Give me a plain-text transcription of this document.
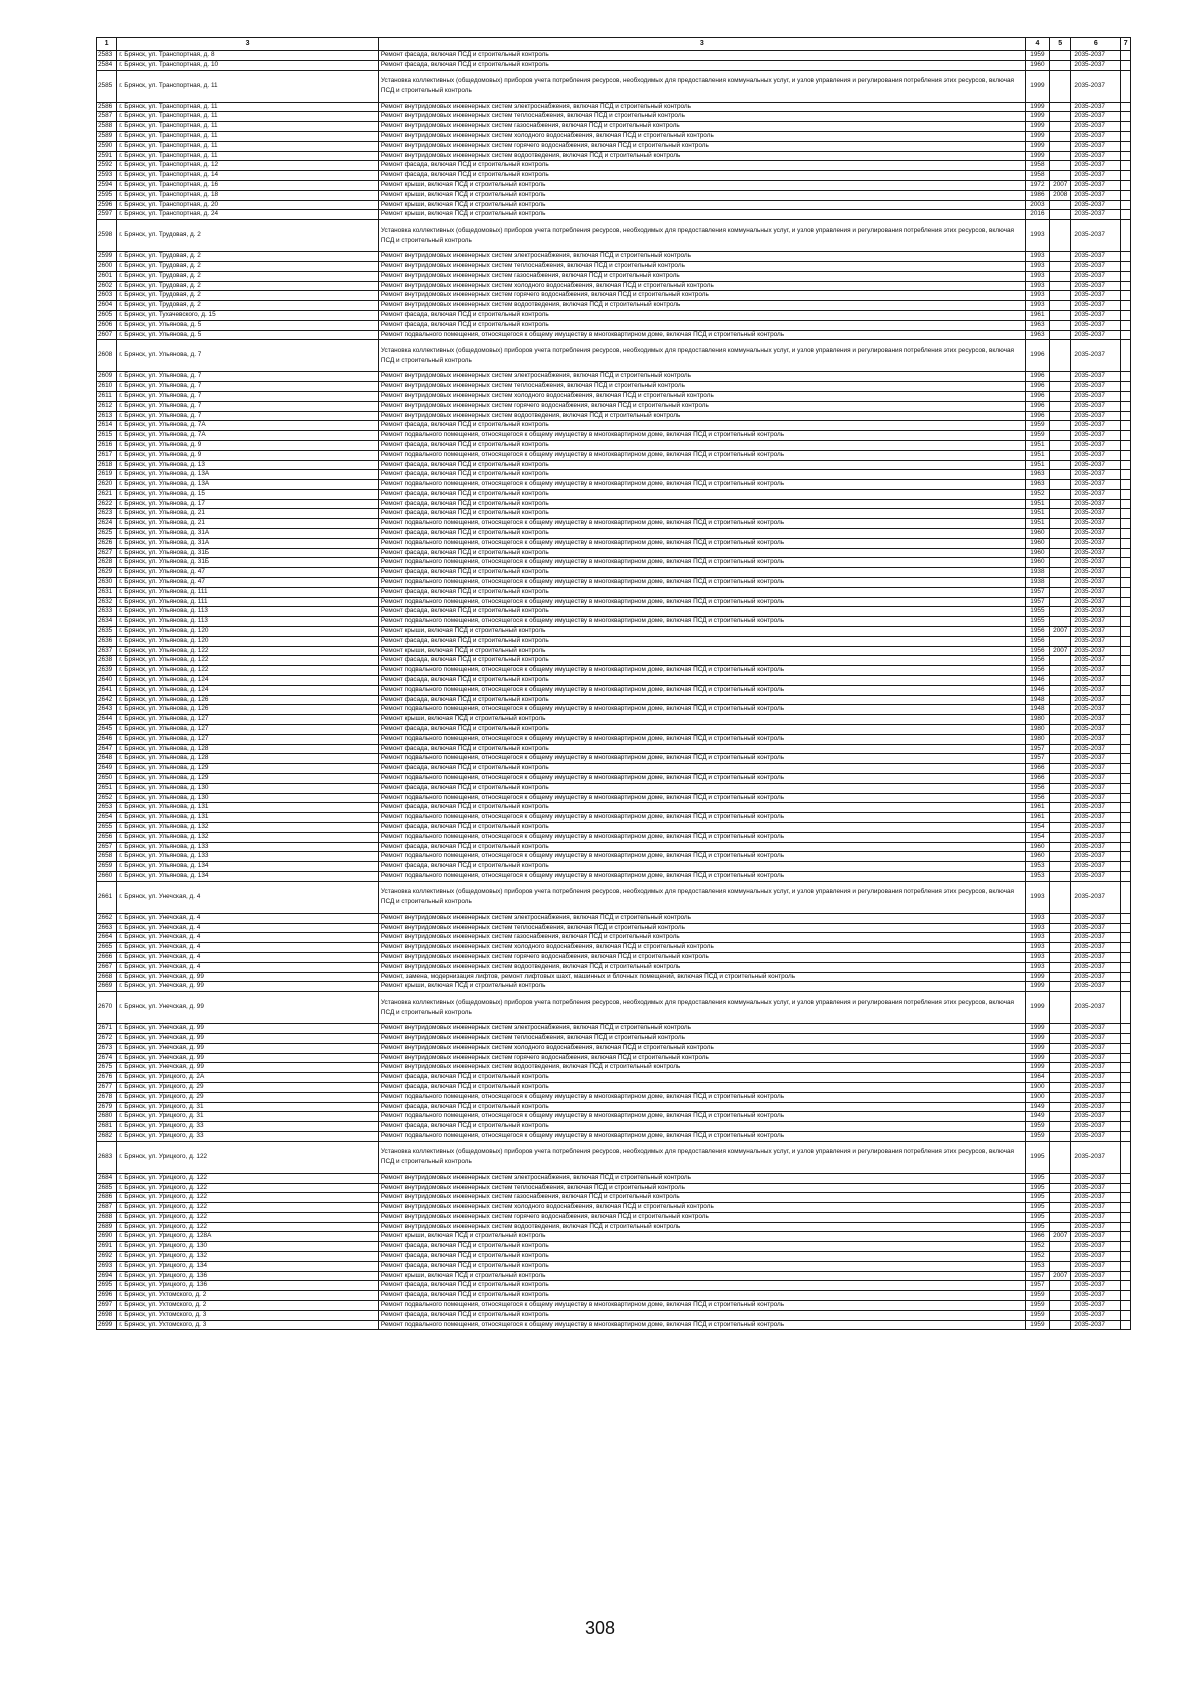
1	3	3	4	5	6	7
2583	г. Брянск, ул. Транспортная, д. 8	Ремонт фасада, включая ПСД и строительный контроль	1959		2035-2037	
2584	г. Брянск, ул. Транспортная, д. 10	Ремонт фасада, включая ПСД и строительный контроль	1960		2035-2037	
2585	г. Брянск, ул. Транспортная, д. 11	Установка коллективных (общедомовых) приборов учета потребления ресурсов, необходимых для предоставления коммунальных услуг, и узлов управления и регулирования потребления этих ресурсов, включая ПСД и строительный контроль	1999		2035-2037	
2586	г. Брянск, ул. Транспортная, д. 11	Ремонт внутридомовых инженерных систем электроснабжения, включая ПСД и строительный контроль	1999		2035-2037	
2587	г. Брянск, ул. Транспортная, д. 11	Ремонт внутридомовых инженерных систем теплоснабжения, включая ПСД и строительный контроль	1999		2035-2037	
2588	г. Брянск, ул. Транспортная, д. 11	Ремонт внутридомовых инженерных систем газоснабжения, включая ПСД и строительный контроль	1999		2035-2037	
2589	г. Брянск, ул. Транспортная, д. 11	Ремонт внутридомовых инженерных систем холодного водоснабжения, включая ПСД и строительный контроль	1999		2035-2037	
2590	г. Брянск, ул. Транспортная, д. 11	Ремонт внутридомовых инженерных систем горячего водоснабжения, включая ПСД и строительный контроль	1999		2035-2037	
2591	г. Брянск, ул. Транспортная, д. 11	Ремонт внутридомовых инженерных систем водоотведения, включая ПСД и строительный контроль	1999		2035-2037	
2592	г. Брянск, ул. Транспортная, д. 12	Ремонт фасада, включая ПСД и строительный контроль	1958		2035-2037	
2593	г. Брянск, ул. Транспортная, д. 14	Ремонт фасада, включая ПСД и строительный контроль	1958		2035-2037	
2594	г. Брянск, ул. Транспортная, д. 16	Ремонт крыши, включая ПСД и строительный контроль	1972	2007	2035-2037	
2595	г. Брянск, ул. Транспортная, д. 18	Ремонт крыши, включая ПСД и строительный контроль	1986	2008	2035-2037	
2596	г. Брянск, ул. Транспортная, д. 20	Ремонт крыши, включая ПСД и строительный контроль	2003		2035-2037	
2597	г. Брянск, ул. Транспортная, д. 24	Ремонт крыши, включая ПСД и строительный контроль	2016		2035-2037	
2598	г. Брянск, ул. Трудовая, д. 2	Установка коллективных (общедомовых) приборов учета потребления ресурсов, необходимых для предоставления коммунальных услуг, и узлов управления и регулирования потребления этих ресурсов, включая ПСД и строительный контроль	1993		2035-2037	
2599	г. Брянск, ул. Трудовая, д. 2	Ремонт внутридомовых инженерных систем электроснабжения, включая ПСД и строительный контроль	1993		2035-2037	
2600	г. Брянск, ул. Трудовая, д. 2	Ремонт внутридомовых инженерных систем теплоснабжения, включая ПСД и строительный контроль	1993		2035-2037	
2601	г. Брянск, ул. Трудовая, д. 2	Ремонт внутридомовых инженерных систем газоснабжения, включая ПСД и строительный контроль	1993		2035-2037	
2602	г. Брянск, ул. Трудовая, д. 2	Ремонт внутридомовых инженерных систем холодного водоснабжения, включая ПСД и строительный контроль	1993		2035-2037	
2603	г. Брянск, ул. Трудовая, д. 2	Ремонт внутридомовых инженерных систем горячего водоснабжения, включая ПСД и строительный контроль	1993		2035-2037	
2604	г. Брянск, ул. Трудовая, д. 2	Ремонт внутридомовых инженерных систем водоотведения, включая ПСД и строительный контроль	1993		2035-2037	
2605	г. Брянск, ул. Тухачевского, д. 15	Ремонт фасада, включая ПСД и строительный контроль	1961		2035-2037	
2606	г. Брянск, ул. Ульянова, д. 5	Ремонт фасада, включая ПСД и строительный контроль	1963		2035-2037	
2607	г. Брянск, ул. Ульянова, д. 5	Ремонт подвального помещения, относящегося к общему имуществу в многоквартирном доме, включая ПСД и строительный контроль	1963		2035-2037	
2608	г. Брянск, ул. Ульянова, д. 7	Установка коллективных (общедомовых) приборов учета потребления ресурсов, необходимых для предоставления коммунальных услуг, и узлов управления и регулирования потребления этих ресурсов, включая ПСД и строительный контроль	1996		2035-2037	
2609	г. Брянск, ул. Ульянова, д. 7	Ремонт внутридомовых инженерных систем электроснабжения, включая ПСД и строительный контроль	1996		2035-2037	
2610	г. Брянск, ул. Ульянова, д. 7	Ремонт внутридомовых инженерных систем теплоснабжения, включая ПСД и строительный контроль	1996		2035-2037	
2611	г. Брянск, ул. Ульянова, д. 7	Ремонт внутридомовых инженерных систем холодного водоснабжения, включая ПСД и строительный контроль	1996		2035-2037	
2612	г. Брянск, ул. Ульянова, д. 7	Ремонт внутридомовых инженерных систем горячего водоснабжения, включая ПСД и строительный контроль	1996		2035-2037	
2613	г. Брянск, ул. Ульянова, д. 7	Ремонт внутридомовых инженерных систем водоотведения, включая ПСД и строительный контроль	1996		2035-2037	
2614	г. Брянск, ул. Ульянова, д. 7А	Ремонт фасада, включая ПСД и строительный контроль	1959		2035-2037	
2615	г. Брянск, ул. Ульянова, д. 7А	Ремонт подвального помещения, относящегося к общему имуществу в многоквартирном доме, включая ПСД и строительный контроль	1959		2035-2037	
2616	г. Брянск, ул. Ульянова, д. 9	Ремонт фасада, включая ПСД и строительный контроль	1951		2035-2037	
2617	г. Брянск, ул. Ульянова, д. 9	Ремонт подвального помещения, относящегося к общему имуществу в многоквартирном доме, включая ПСД и строительный контроль	1951		2035-2037	
2618	г. Брянск, ул. Ульянова, д. 13	Ремонт фасада, включая ПСД и строительный контроль	1951		2035-2037	
2619	г. Брянск, ул. Ульянова, д. 13А	Ремонт фасада, включая ПСД и строительный контроль	1963		2035-2037	
2620	г. Брянск, ул. Ульянова, д. 13А	Ремонт подвального помещения, относящегося к общему имуществу в многоквартирном доме, включая ПСД и строительный контроль	1963		2035-2037	
2621	г. Брянск, ул. Ульянова, д. 15	Ремонт фасада, включая ПСД и строительный контроль	1952		2035-2037	
2622	г. Брянск, ул. Ульянова, д. 17	Ремонт фасада, включая ПСД и строительный контроль	1951		2035-2037	
2623	г. Брянск, ул. Ульянова, д. 21	Ремонт фасада, включая ПСД и строительный контроль	1951		2035-2037	
2624	г. Брянск, ул. Ульянова, д. 21	Ремонт подвального помещения, относящегося к общему имуществу в многоквартирном доме, включая ПСД и строительный контроль	1951		2035-2037	
2625	г. Брянск, ул. Ульянова, д. 31А	Ремонт фасада, включая ПСД и строительный контроль	1960		2035-2037	
2626	г. Брянск, ул. Ульянова, д. 31А	Ремонт подвального помещения, относящегося к общему имуществу в многоквартирном доме, включая ПСД и строительный контроль	1960		2035-2037	
2627	г. Брянск, ул. Ульянова, д. 31Б	Ремонт фасада, включая ПСД и строительный контроль	1960		2035-2037	
2628	г. Брянск, ул. Ульянова, д. 31Б	Ремонт подвального помещения, относящегося к общему имуществу в многоквартирном доме, включая ПСД и строительный контроль	1960		2035-2037	
2629	г. Брянск, ул. Ульянова, д. 47	Ремонт фасада, включая ПСД и строительный контроль	1938		2035-2037	
2630	г. Брянск, ул. Ульянова, д. 47	Ремонт подвального помещения, относящегося к общему имуществу в многоквартирном доме, включая ПСД и строительный контроль	1938		2035-2037	
2631	г. Брянск, ул. Ульянова, д. 111	Ремонт фасада, включая ПСД и строительный контроль	1957		2035-2037	
2632	г. Брянск, ул. Ульянова, д. 111	Ремонт подвального помещения, относящегося к общему имуществу в многоквартирном доме, включая ПСД и строительный контроль	1957		2035-2037	
2633	г. Брянск, ул. Ульянова, д. 113	Ремонт фасада, включая ПСД и строительный контроль	1955		2035-2037	
2634	г. Брянск, ул. Ульянова, д. 113	Ремонт подвального помещения, относящегося к общему имуществу в многоквартирном доме, включая ПСД и строительный контроль	1955		2035-2037	
2635	г. Брянск, ул. Ульянова, д. 120	Ремонт крыши, включая ПСД и строительный контроль	1956	2007	2035-2037	
2636	г. Брянск, ул. Ульянова, д. 120	Ремонт фасада, включая ПСД и строительный контроль	1956		2035-2037	
2637	г. Брянск, ул. Ульянова, д. 122	Ремонт крыши, включая ПСД и строительный контроль	1956	2007	2035-2037	
2638	г. Брянск, ул. Ульянова, д. 122	Ремонт фасада, включая ПСД и строительный контроль	1956		2035-2037	
2639	г. Брянск, ул. Ульянова, д. 122	Ремонт подвального помещения, относящегося к общему имуществу в многоквартирном доме, включая ПСД и строительный контроль	1956		2035-2037	
2640	г. Брянск, ул. Ульянова, д. 124	Ремонт фасада, включая ПСД и строительный контроль	1946		2035-2037	
2641	г. Брянск, ул. Ульянова, д. 124	Ремонт подвального помещения, относящегося к общему имуществу в многоквартирном доме, включая ПСД и строительный контроль	1946		2035-2037	
2642	г. Брянск, ул. Ульянова, д. 126	Ремонт фасада, включая ПСД и строительный контроль	1948		2035-2037	
2643	г. Брянск, ул. Ульянова, д. 126	Ремонт подвального помещения, относящегося к общему имуществу в многоквартирном доме, включая ПСД и строительный контроль	1948		2035-2037	
2644	г. Брянск, ул. Ульянова, д. 127	Ремонт крыши, включая ПСД и строительный контроль	1980		2035-2037	
2645	г. Брянск, ул. Ульянова, д. 127	Ремонт фасада, включая ПСД и строительный контроль	1980		2035-2037	
2646	г. Брянск, ул. Ульянова, д. 127	Ремонт подвального помещения, относящегося к общему имуществу в многоквартирном доме, включая ПСД и строительный контроль	1980		2035-2037	
2647	г. Брянск, ул. Ульянова, д. 128	Ремонт фасада, включая ПСД и строительный контроль	1957		2035-2037	
2648	г. Брянск, ул. Ульянова, д. 128	Ремонт подвального помещения, относящегося к общему имуществу в многоквартирном доме, включая ПСД и строительный контроль	1957		2035-2037	
2649	г. Брянск, ул. Ульянова, д. 129	Ремонт фасада, включая ПСД и строительный контроль	1966		2035-2037	
2650	г. Брянск, ул. Ульянова, д. 129	Ремонт подвального помещения, относящегося к общему имуществу в многоквартирном доме, включая ПСД и строительный контроль	1966		2035-2037	
2651	г. Брянск, ул. Ульянова, д. 130	Ремонт фасада, включая ПСД и строительный контроль	1956		2035-2037	
2652	г. Брянск, ул. Ульянова, д. 130	Ремонт подвального помещения, относящегося к общему имуществу в многоквартирном доме, включая ПСД и строительный контроль	1956		2035-2037	
2653	г. Брянск, ул. Ульянова, д. 131	Ремонт фасада, включая ПСД и строительный контроль	1961		2035-2037	
2654	г. Брянск, ул. Ульянова, д. 131	Ремонт подвального помещения, относящегося к общему имуществу в многоквартирном доме, включая ПСД и строительный контроль	1961		2035-2037	
2655	г. Брянск, ул. Ульянова, д. 132	Ремонт фасада, включая ПСД и строительный контроль	1954		2035-2037	
2656	г. Брянск, ул. Ульянова, д. 132	Ремонт подвального помещения, относящегося к общему имуществу в многоквартирном доме, включая ПСД и строительный контроль	1954		2035-2037	
2657	г. Брянск, ул. Ульянова, д. 133	Ремонт фасада, включая ПСД и строительный контроль	1960		2035-2037	
2658	г. Брянск, ул. Ульянова, д. 133	Ремонт подвального помещения, относящегося к общему имуществу в многоквартирном доме, включая ПСД и строительный контроль	1960		2035-2037	
2659	г. Брянск, ул. Ульянова, д. 134	Ремонт фасада, включая ПСД и строительный контроль	1953		2035-2037	
2660	г. Брянск, ул. Ульянова, д. 134	Ремонт подвального помещения, относящегося к общему имуществу в многоквартирном доме, включая ПСД и строительный контроль	1953		2035-2037	
2661	г. Брянск, ул. Унечская, д. 4	Установка коллективных (общедомовых) приборов учета потребления ресурсов, необходимых для предоставления коммунальных услуг, и узлов управления и регулирования потребления этих ресурсов, включая ПСД и строительный контроль	1993		2035-2037	
2662	г. Брянск, ул. Унечская, д. 4	Ремонт внутридомовых инженерных систем электроснабжения, включая ПСД и строительный контроль	1993		2035-2037	
2663	г. Брянск, ул. Унечская, д. 4	Ремонт внутридомовых инженерных систем теплоснабжения, включая ПСД и строительный контроль	1993		2035-2037	
2664	г. Брянск, ул. Унечская, д. 4	Ремонт внутридомовых инженерных систем газоснабжения, включая ПСД и строительный контроль	1993		2035-2037	
2665	г. Брянск, ул. Унечская, д. 4	Ремонт внутридомовых инженерных систем холодного водоснабжения, включая ПСД и строительный контроль	1993		2035-2037	
2666	г. Брянск, ул. Унечская, д. 4	Ремонт внутридомовых инженерных систем горячего водоснабжения, включая ПСД и строительный контроль	1993		2035-2037	
2667	г. Брянск, ул. Унечская, д. 4	Ремонт внутридомовых инженерных систем водоотведения, включая ПСД и строительный контроль	1993		2035-2037	
2668	г. Брянск, ул. Унечская, д. 99	Ремонт, замена, модернизация лифтов, ремонт лифтовых шахт, машинных и блочных помещений, включая ПСД и строительный контроль	1999		2035-2037	
2669	г. Брянск, ул. Унечская, д. 99	Ремонт крыши, включая ПСД и строительный контроль	1999		2035-2037	
2670	г. Брянск, ул. Унечская, д. 99	Установка коллективных (общедомовых) приборов учета потребления ресурсов, необходимых для предоставления коммунальных услуг, и узлов управления и регулирования потребления этих ресурсов, включая ПСД и строительный контроль	1999		2035-2037	
2671	г. Брянск, ул. Унечская, д. 99	Ремонт внутридомовых инженерных систем электроснабжения, включая ПСД и строительный контроль	1999		2035-2037	
2672	г. Брянск, ул. Унечская, д. 99	Ремонт внутридомовых инженерных систем теплоснабжения, включая ПСД и строительный контроль	1999		2035-2037	
2673	г. Брянск, ул. Унечская, д. 99	Ремонт внутридомовых инженерных систем холодного водоснабжения, включая ПСД и строительный контроль	1999		2035-2037	
2674	г. Брянск, ул. Унечская, д. 99	Ремонт внутридомовых инженерных систем горячего водоснабжения, включая ПСД и строительный контроль	1999		2035-2037	
2675	г. Брянск, ул. Унечская, д. 99	Ремонт внутридомовых инженерных систем водоотведения, включая ПСД и строительный контроль	1999		2035-2037	
2676	г. Брянск, ул. Урицкого, д. 2А	Ремонт фасада, включая ПСД и строительный контроль	1964		2035-2037	
2677	г. Брянск, ул. Урицкого, д. 29	Ремонт фасада, включая ПСД и строительный контроль	1900		2035-2037	
2678	г. Брянск, ул. Урицкого, д. 29	Ремонт подвального помещения, относящегося к общему имуществу в многоквартирном доме, включая ПСД и строительный контроль	1900		2035-2037	
2679	г. Брянск, ул. Урицкого, д. 31	Ремонт фасада, включая ПСД и строительный контроль	1949		2035-2037	
2680	г. Брянск, ул. Урицкого, д. 31	Ремонт подвального помещения, относящегося к общему имуществу в многоквартирном доме, включая ПСД и строительный контроль	1949		2035-2037	
2681	г. Брянск, ул. Урицкого, д. 33	Ремонт фасада, включая ПСД и строительный контроль	1959		2035-2037	
2682	г. Брянск, ул. Урицкого, д. 33	Ремонт подвального помещения, относящегося к общему имуществу в многоквартирном доме, включая ПСД и строительный контроль	1959		2035-2037	
2683	г. Брянск, ул. Урицкого, д. 122	Установка коллективных (общедомовых) приборов учета потребления ресурсов, необходимых для предоставления коммунальных услуг, и узлов управления и регулирования потребления этих ресурсов, включая ПСД и строительный контроль	1995		2035-2037	
2684	г. Брянск, ул. Урицкого, д. 122	Ремонт внутридомовых инженерных систем электроснабжения, включая ПСД и строительный контроль	1995		2035-2037	
2685	г. Брянск, ул. Урицкого, д. 122	Ремонт внутридомовых инженерных систем теплоснабжения, включая ПСД и строительный контроль	1995		2035-2037	
2686	г. Брянск, ул. Урицкого, д. 122	Ремонт внутридомовых инженерных систем газоснабжения, включая ПСД и строительный контроль	1995		2035-2037	
2687	г. Брянск, ул. Урицкого, д. 122	Ремонт внутридомовых инженерных систем холодного водоснабжения, включая ПСД и строительный контроль	1995		2035-2037	
2688	г. Брянск, ул. Урицкого, д. 122	Ремонт внутридомовых инженерных систем горячего водоснабжения, включая ПСД и строительный контроль	1995		2035-2037	
2689	г. Брянск, ул. Урицкого, д. 122	Ремонт внутридомовых инженерных систем водоотведения, включая ПСД и строительный контроль	1995		2035-2037	
2690	г. Брянск, ул. Урицкого, д. 128А	Ремонт крыши, включая ПСД и строительный контроль	1966	2007	2035-2037	
2691	г. Брянск, ул. Урицкого, д. 130	Ремонт фасада, включая ПСД и строительный контроль	1952		2035-2037	
2692	г. Брянск, ул. Урицкого, д. 132	Ремонт фасада, включая ПСД и строительный контроль	1952		2035-2037	
2693	г. Брянск, ул. Урицкого, д. 134	Ремонт фасада, включая ПСД и строительный контроль	1953		2035-2037	
2694	г. Брянск, ул. Урицкого, д. 136	Ремонт крыши, включая ПСД и строительный контроль	1957	2007	2035-2037	
2695	г. Брянск, ул. Урицкого, д. 136	Ремонт фасада, включая ПСД и строительный контроль	1957		2035-2037	
2696	г. Брянск, ул. Ухтомского, д. 2	Ремонт фасада, включая ПСД и строительный контроль	1959		2035-2037	
2697	г. Брянск, ул. Ухтомского, д. 2	Ремонт подвального помещения, относящегося к общему имуществу в многоквартирном доме, включая ПСД и строительный контроль	1959		2035-2037	
2698	г. Брянск, ул. Ухтомского, д. 3	Ремонт фасада, включая ПСД и строительный контроль	1959		2035-2037	
2699	г. Брянск, ул. Ухтомского, д. 3	Ремонт подвального помещения, относящегося к общему имуществу в многоквартирном доме, включая ПСД и строительный контроль	1959		2035-2037	
308
